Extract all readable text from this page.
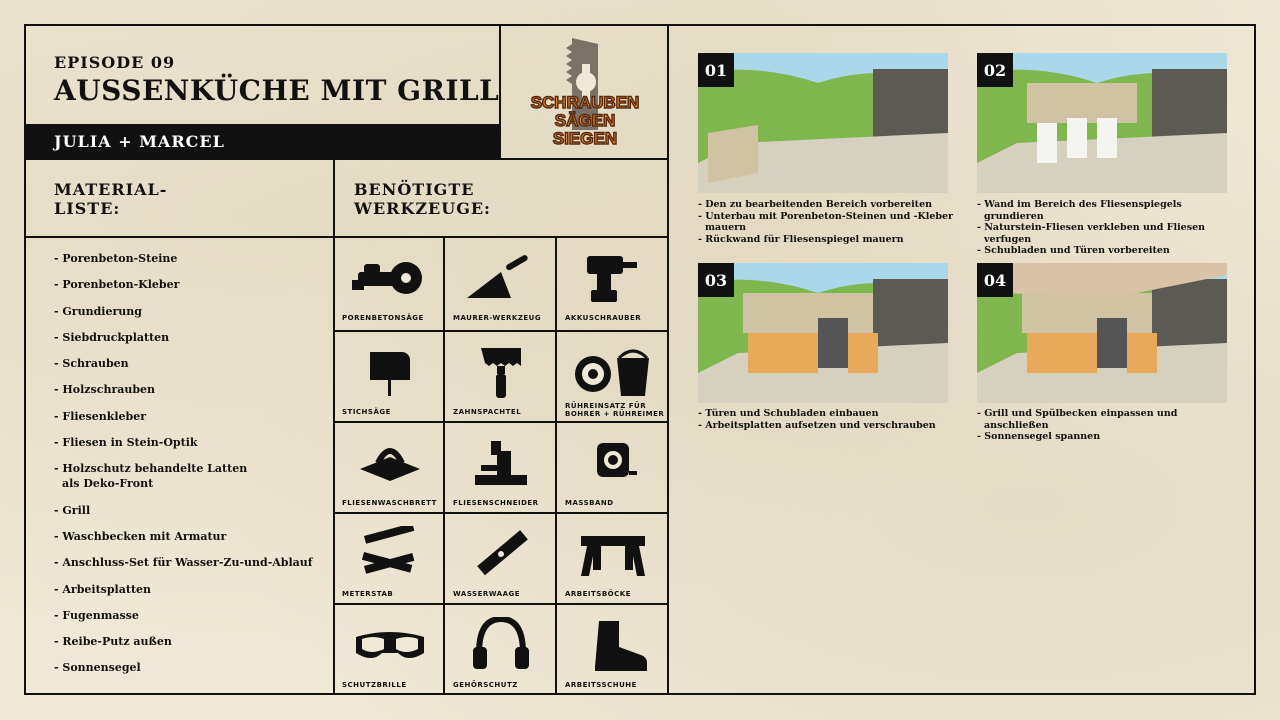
EPISODE 09
AUSSENKÜCHE MIT GRILL
JULIA + MARCEL
SCHRAUBEN
SÄGEN
SIEGEN
MATERIAL-
LISTE:
BENÖTIGTE
WERKZEUGE:
- Porenbeton-Steine
- Porenbeton-Kleber
- Grundierung
- Siebdruckplatten
- Schrauben
- Holzschrauben
- Fliesenkleber
- Fliesen in Stein-Optik
- Holzschutz behandelte Latten
als Deko-Front
- Grill
- Waschbecken mit Armatur
- Anschluss-Set für Wasser-Zu-und-Ablauf
- Arbeitsplatten
- Fugenmasse
- Reibe-Putz außen
- Sonnensegel
PORENBETONSÄGE	MAURER-WERKZEUG	AKKUSCHRAUBER
STICHSÄGE	ZAHNSPACHTEL
RÜHREINSATZ FÜR
BOHRER + RÜHREIMER
FLIESENWASCHBRETT FLIESENSCHNEIDER	MASSBAND
METERSTAB	WASSERWAAGE	ARBEITSBÖCKE
SCHUTZBRILLE	GEHÖRSCHUTZ	ARBEITSSCHUHE
01	02
03	04
- Den zu bearbeitenden Bereich vorbereiten
- Unterbau mit Porenbeton-Steinen und -Kleber mauern
- Rückwand für Fliesenspiegel mauern
- Wand im Bereich des Fliesenspiegels grundieren
- Naturstein-Fliesen verkleben und Fliesen verfugen
- Schubladen und Türen vorbereiten
- Türen und Schubladen einbauen
- Arbeitsplatten aufsetzen und verschrauben
- Grill und Spülbecken einpassen und anschließen
- Sonnensegel spannen
